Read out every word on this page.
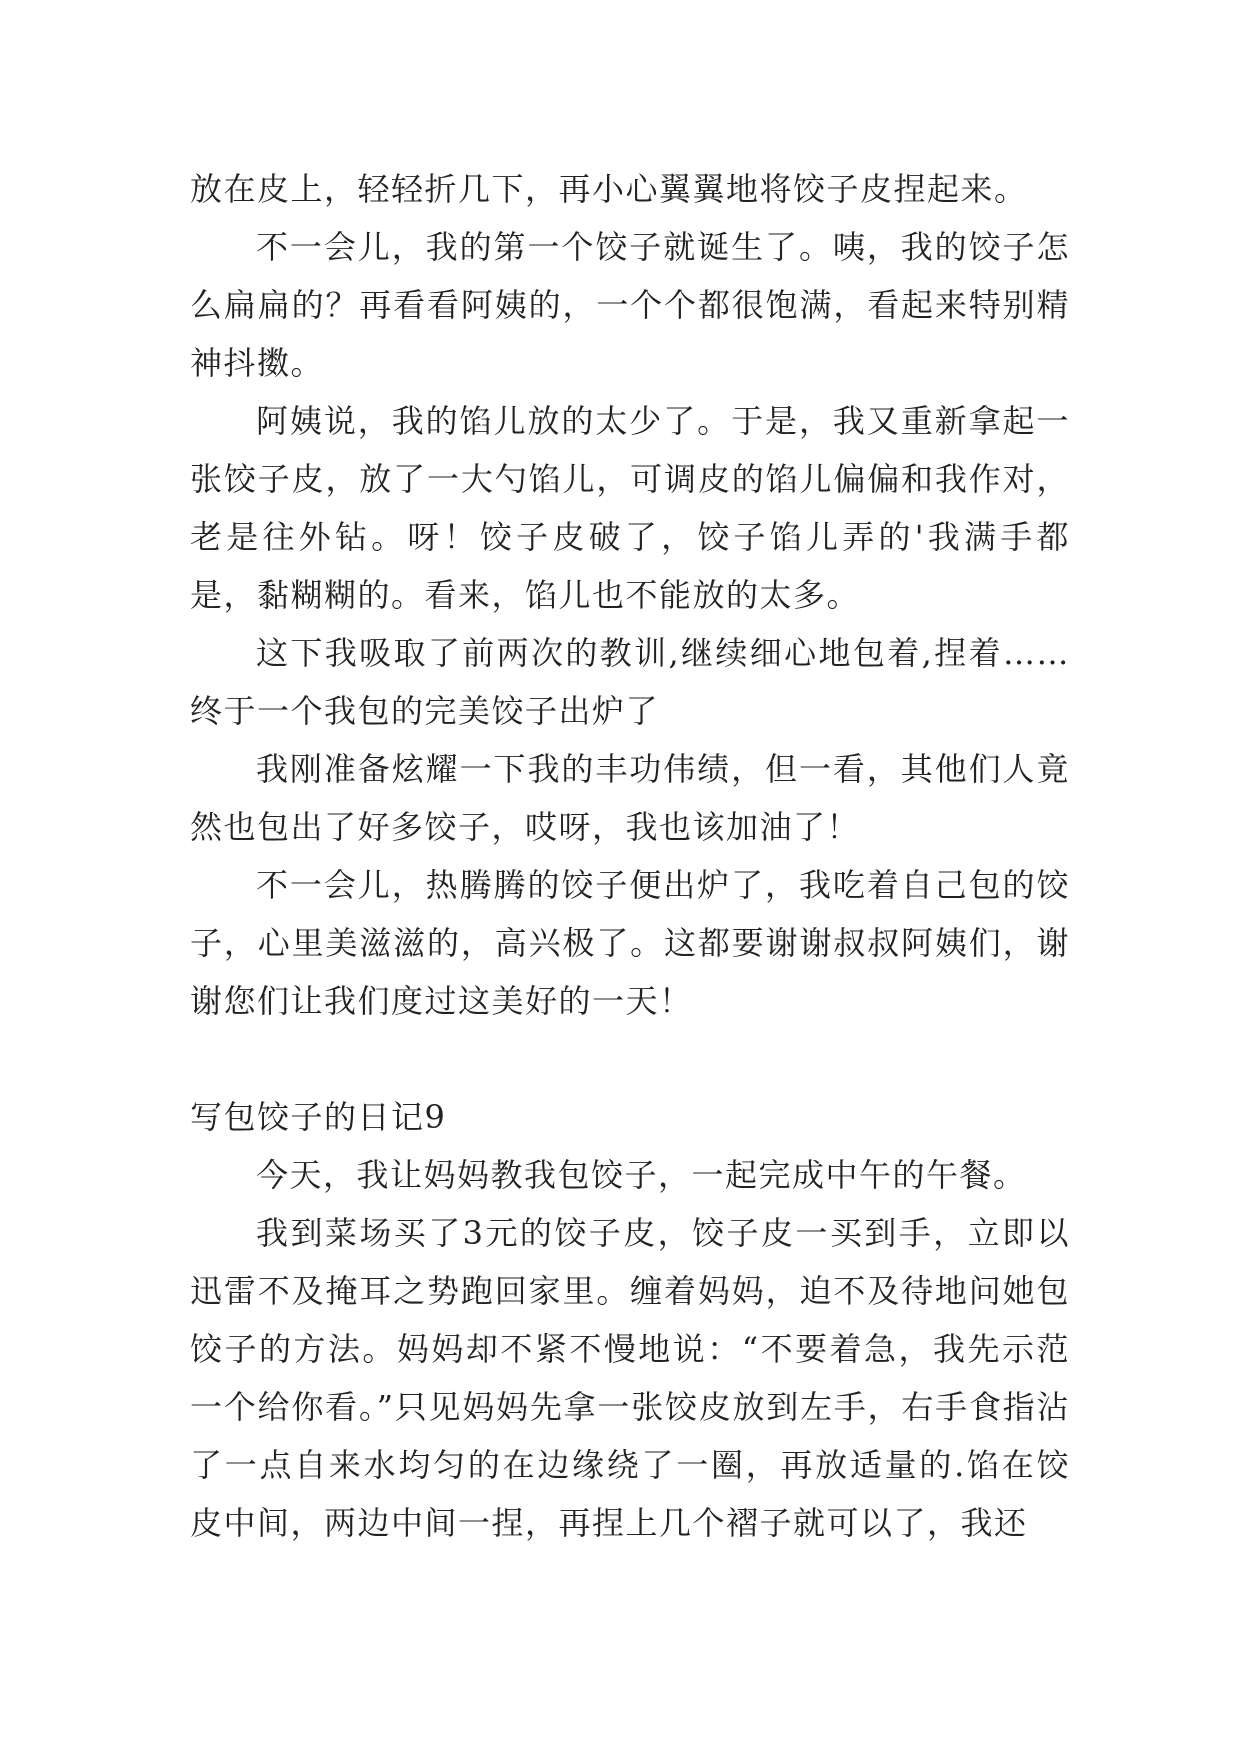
放在皮上，轻轻折几下，再小心翼翼地将饺子皮捏起来。

不一会儿，我的第一个饺子就诞生了。咦，我的饺子怎么扁扁的？再看看阿姨的，一个个都很饱满，看起来特别精神抖擞。

阿姨说，我的馅儿放的太少了。于是，我又重新拿起一张饺子皮，放了一大勺馅儿，可调皮的馅儿偏偏和我作对，老是往外钻。呀！饺子皮破了，饺子馅儿弄的'我满手都是，黏糊糊的。看来，馅儿也不能放的太多。

这下我吸取了前两次的教训,继续细心地包着,捏着……终于一个我包的完美饺子出炉了

我刚准备炫耀一下我的丰功伟绩，但一看，其他们人竟然也包出了好多饺子，哎呀，我也该加油了！

不一会儿，热腾腾的饺子便出炉了，我吃着自己包的饺子，心里美滋滋的，高兴极了。这都要谢谢叔叔阿姨们，谢谢您们让我们度过这美好的一天！

写包饺子的日记9

今天，我让妈妈教我包饺子，一起完成中午的午餐。

我到菜场买了3元的饺子皮，饺子皮一买到手，立即以迅雷不及掩耳之势跑回家里。缠着妈妈，迫不及待地问她包饺子的方法。妈妈却不紧不慢地说：“不要着急，我先示范一个给你看。”只见妈妈先拿一张饺皮放到左手，右手食指沾了一点自来水均匀的在边缘绕了一圈，再放适量的.馅在饺皮中间，两边中间一捏，再捏上几个褶子就可以了，我还
